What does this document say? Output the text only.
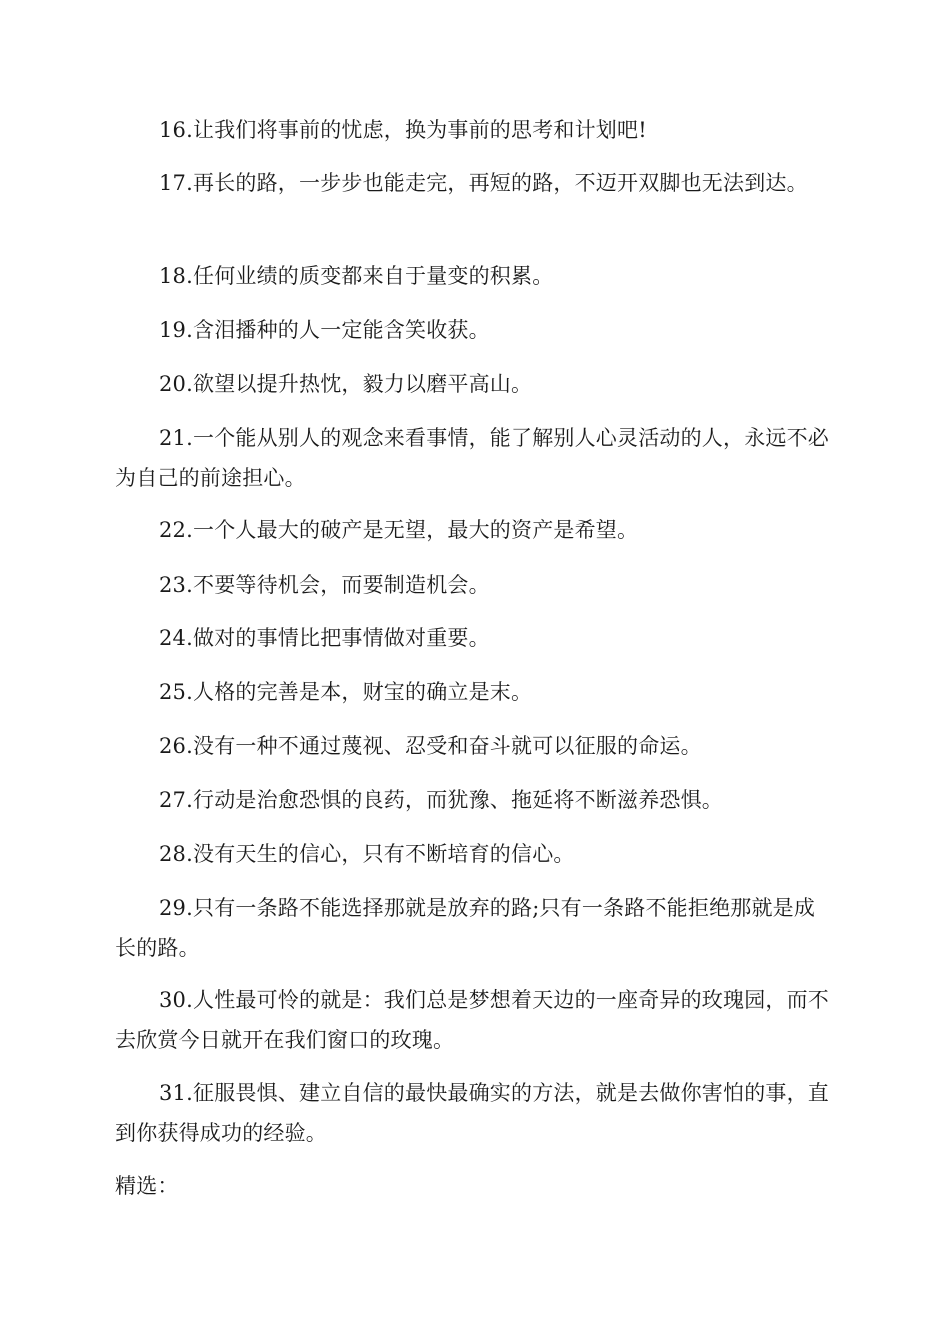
16.让我们将事前的忧虑，换为事前的思考和计划吧!

17.再长的路，一步步也能走完，再短的路，不迈开双脚也无法到达。

18.任何业绩的质变都来自于量变的积累。

19.含泪播种的人一定能含笑收获。

20.欲望以提升热忱，毅力以磨平高山。

21.一个能从别人的观念来看事情，能了解别人心灵活动的人，永远不必为自己的前途担心。

22.一个人最大的破产是无望，最大的资产是希望。

23.不要等待机会，而要制造机会。

24.做对的事情比把事情做对重要。

25.人格的完善是本，财宝的确立是末。

26.没有一种不通过蔑视、忍受和奋斗就可以征服的命运。

27.行动是治愈恐惧的良药，而犹豫、拖延将不断滋养恐惧。

28.没有天生的信心，只有不断培育的信心。

29.只有一条路不能选择那就是放弃的路;只有一条路不能拒绝那就是成长的路。

30.人性最可怜的就是：我们总是梦想着天边的一座奇异的玫瑰园，而不去欣赏今日就开在我们窗口的玫瑰。

31.征服畏惧、建立自信的最快最确实的方法，就是去做你害怕的事，直到你获得成功的经验。

精选：
